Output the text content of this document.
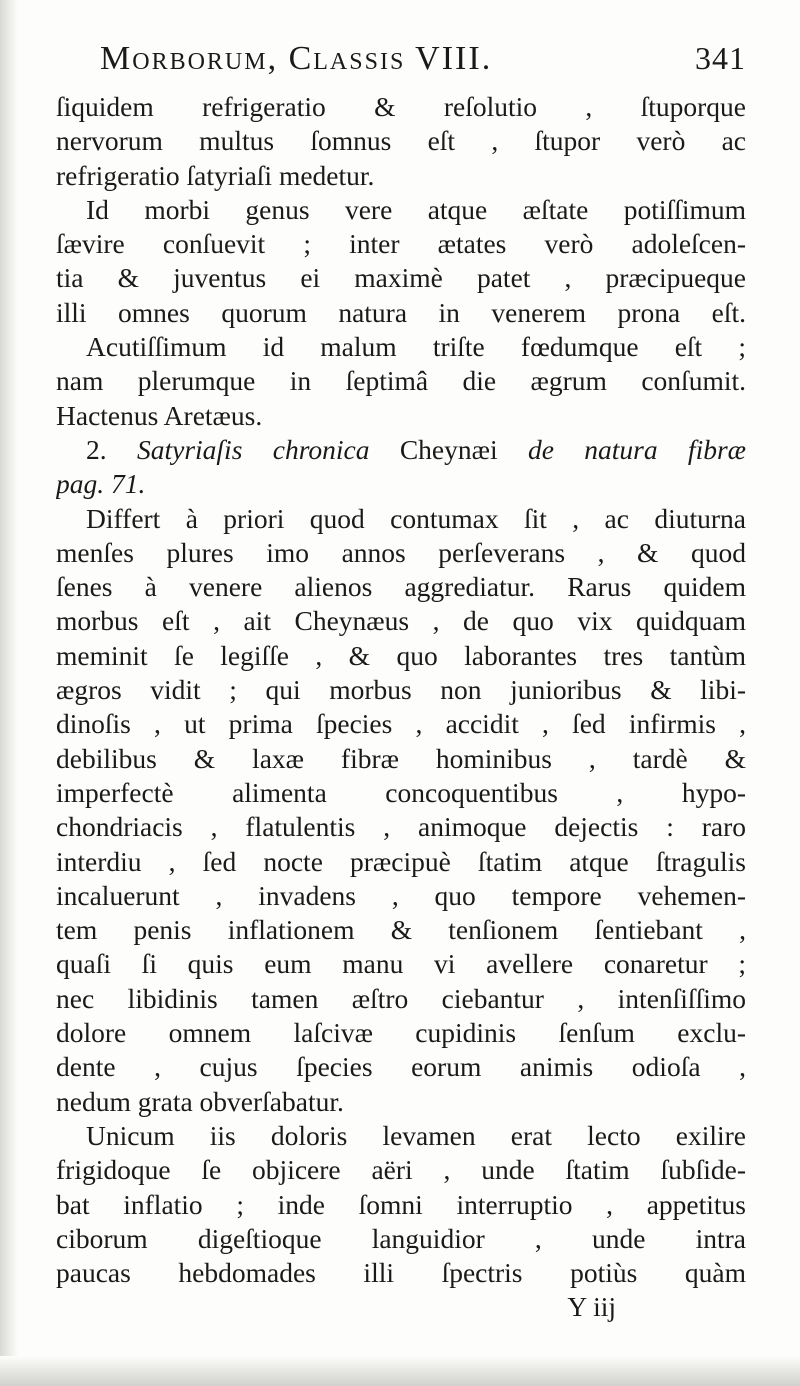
Morborum, Classis VIII.	341
ſiquidem refrigeratio & reſolutio , ſtuporque
nervorum multus ſomnus eſt , ſtupor verò ac
refrigeratio ſatyriaſi medetur.
Id morbi genus vere atque æſtate potiſſimum
ſævire conſuevit ; inter ætates verò adoleſcen-
tia & juventus ei maximè patet , præcipueque
illi omnes quorum natura in venerem prona eſt.
Acutiſſimum id malum triſte fœdumque eſt ;
nam plerumque in ſeptimâ die ægrum conſumit.
Hactenus Aretæus.
2. Satyriaſis chronica Cheynæi de natura fibræ
pag. 71.
Differt à priori quod contumax ſit , ac diuturna
menſes plures imo annos perſeverans , & quod
ſenes à venere alienos aggrediatur. Rarus quidem
morbus eſt , ait Cheynæus , de quo vix quidquam
meminit ſe legiſſe , & quo laborantes tres tantùm
ægros vidit ; qui morbus non junioribus & libi-
dinoſis , ut prima ſpecies , accidit , ſed infirmis ,
debilibus & laxæ fibræ hominibus , tardè &
imperfectè alimenta concoquentibus , hypo-
chondriacis , flatulentis , animoque dejectis : raro
interdiu , ſed nocte præcipuè ſtatim atque ſtragulis
incaluerunt , invadens , quo tempore vehemen-
tem penis inflationem & tenſionem ſentiebant ,
quaſi ſi quis eum manu vi avellere conaretur ;
nec libidinis tamen æſtro ciebantur , intenſiſſimo
dolore omnem laſcivæ cupidinis ſenſum exclu-
dente , cujus ſpecies eorum animis odioſa ,
nedum grata obverſabatur.
Unicum iis doloris levamen erat lecto exilire
frigidoque ſe objicere aëri , unde ſtatim ſubſide-
bat inflatio ; inde ſomni interruptio , appetitus
ciborum digeſtioque languidior , unde intra
paucas hebdomades illi ſpectris potiùs quàm
Y iij
